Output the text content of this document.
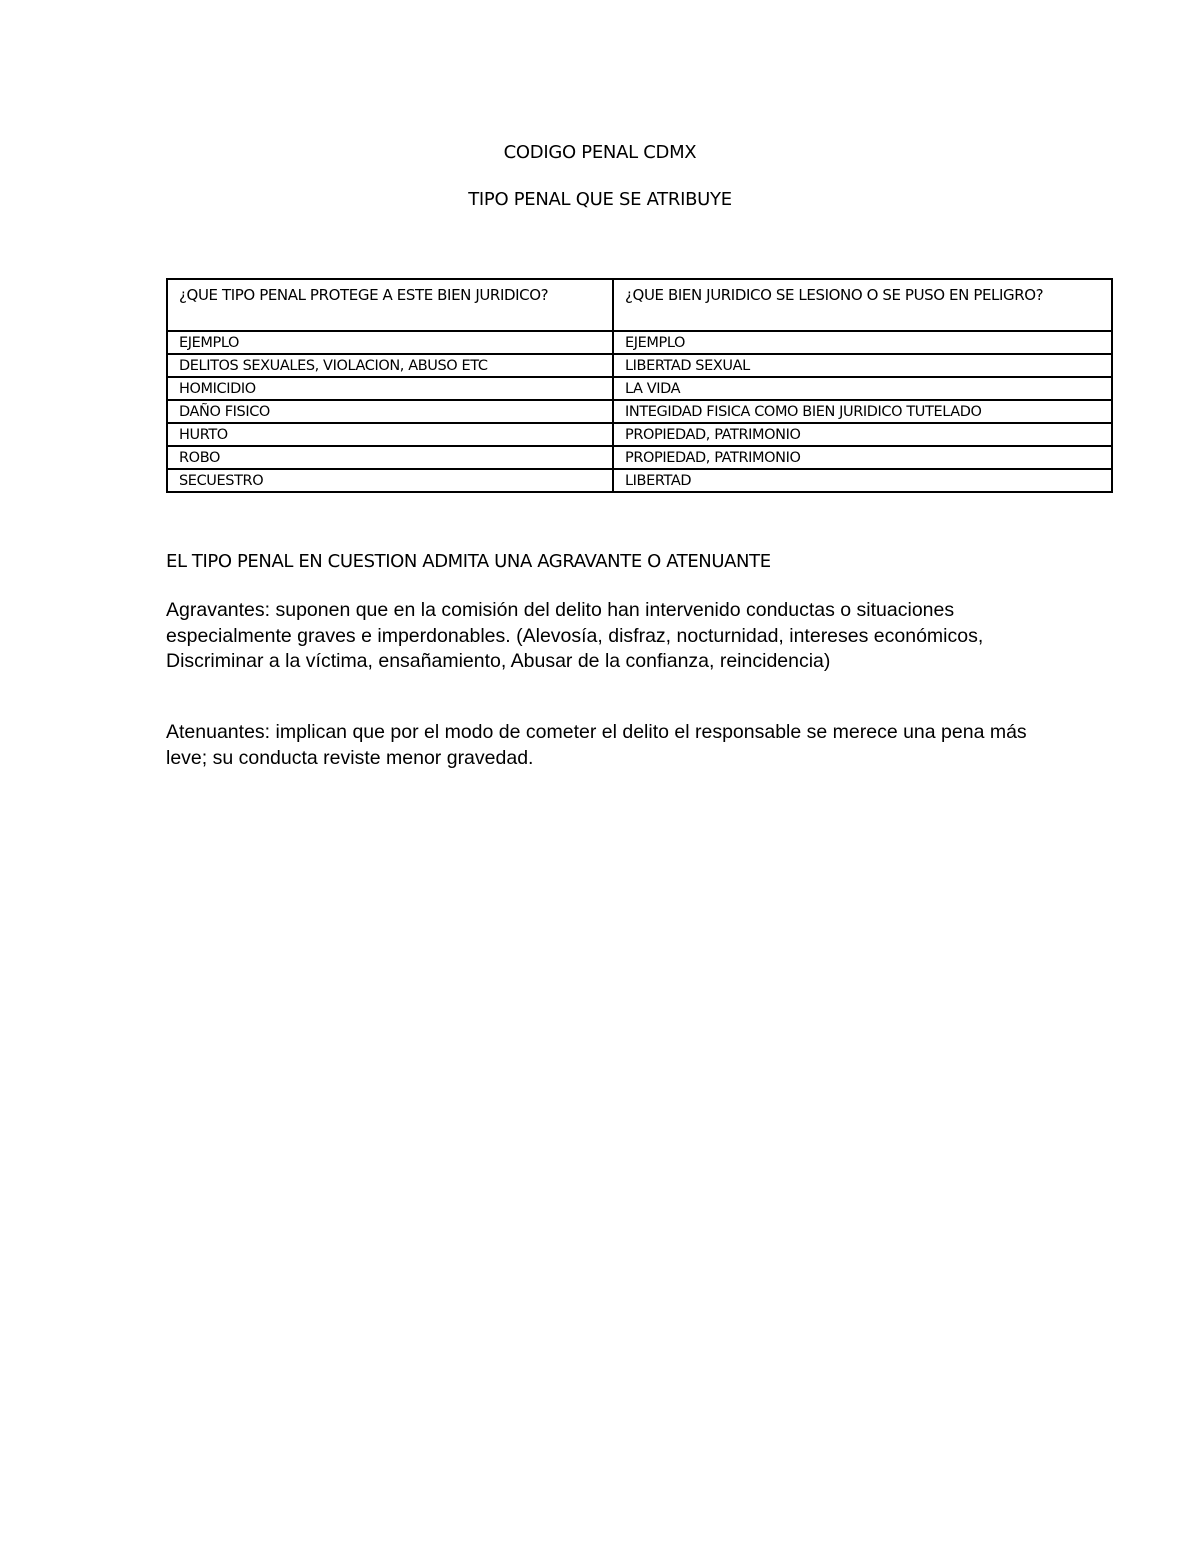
CODIGO PENAL CDMX
TIPO PENAL QUE SE ATRIBUYE
¿QUE TIPO PENAL PROTEGE A ESTE BIEN JURIDICO?	¿QUE BIEN JURIDICO SE LESIONO O SE PUSO EN PELIGRO?
EJEMPLO	EJEMPLO
DELITOS SEXUALES, VIOLACION, ABUSO ETC	LIBERTAD SEXUAL
HOMICIDIO	LA VIDA
DAÑO FISICO	INTEGIDAD FISICA COMO BIEN JURIDICO TUTELADO
HURTO	PROPIEDAD, PATRIMONIO
ROBO	PROPIEDAD, PATRIMONIO
SECUESTRO	LIBERTAD
EL TIPO PENAL EN CUESTION ADMITA UNA AGRAVANTE O ATENUANTE

Agravantes: suponen que en la comisión del delito han intervenido conductas o situaciones especialmente graves e imperdonables. (Alevosía, disfraz, nocturnidad, intereses económicos, Discriminar a la víctima, ensañamiento, Abusar de la confianza, reincidencia)

Atenuantes: implican que por el modo de cometer el delito el responsable se merece una pena más leve; su conducta reviste menor gravedad.
